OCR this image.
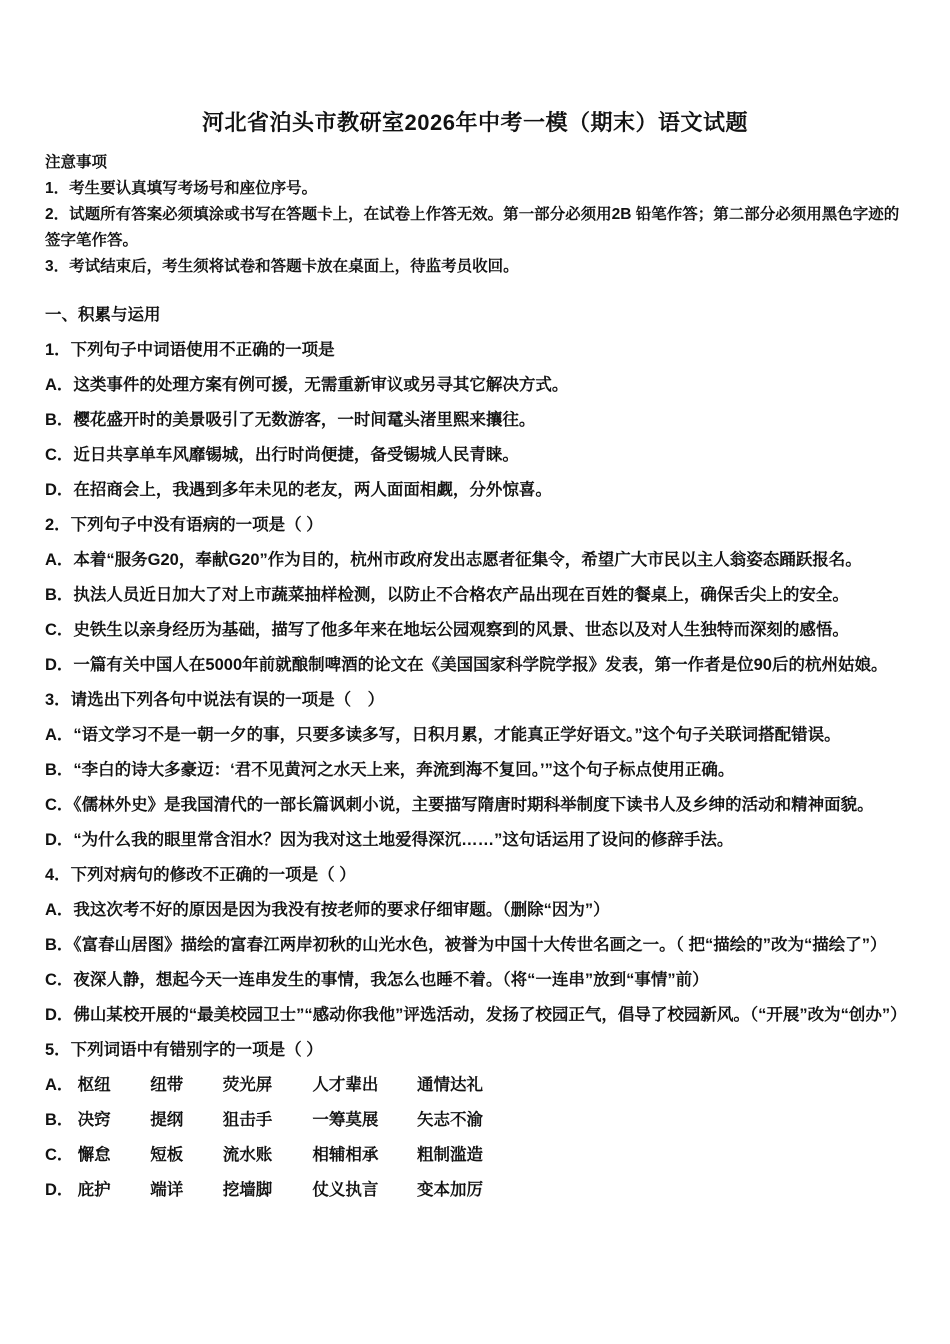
河北省泊头市教研室2026年中考一模（期末）语文试题

注意事项

1．考生要认真填写考场号和座位序号。

2．试题所有答案必须填涂或书写在答题卡上，在试卷上作答无效。第一部分必须用2B 铅笔作答；第二部分必须用黑色字迹的签字笔作答。

3．考试结束后，考生须将试卷和答题卡放在桌面上，待监考员收回。

一、积累与运用

1．下列句子中词语使用不正确的一项是

A．这类事件的处理方案有例可援，无需重新审议或另寻其它解决方式。

B．樱花盛开时的美景吸引了无数游客，一时间鼋头渚里熙来攘往。

C．近日共享单车风靡锡城，出行时尚便捷，备受锡城人民青睐。

D．在招商会上，我遇到多年未见的老友，两人面面相觑，分外惊喜。

2．下列句子中没有语病的一项是（ ）

A．本着“服务G20，奉献G20”作为目的，杭州市政府发出志愿者征集令，希望广大市民以主人翁姿态踊跃报名。

B．执法人员近日加大了对上市蔬菜抽样检测，以防止不合格农产品出现在百姓的餐桌上，确保舌尖上的安全。

C．史铁生以亲身经历为基础，描写了他多年来在地坛公园观察到的风景、世态以及对人生独特而深刻的感悟。

D．一篇有关中国人在5000年前就酿制啤酒的论文在《美国国家科学院学报》发表，第一作者是位90后的杭州姑娘。

3．请选出下列各句中说法有误的一项是（　）

A．“语文学习不是一朝一夕的事，只要多读多写，日积月累，才能真正学好语文。”这个句子关联词搭配错误。

B．“李白的诗大多豪迈：‘君不见黄河之水天上来，奔流到海不复回。’”这个句子标点使用正确。

C．《儒林外史》是我国清代的一部长篇讽刺小说，主要描写隋唐时期科举制度下读书人及乡绅的活动和精神面貌。

D．“为什么我的眼里常含泪水？因为我对这土地爱得深沉……”这句话运用了设问的修辞手法。

4．下列对病句的修改不正确的一项是（ ）

A．我这次考不好的原因是因为我没有按老师的要求仔细审题。（删除“因为”）

B．《富春山居图》描绘的富春江两岸初秋的山光水色，被誉为中国十大传世名画之一。（ 把“描绘的”改为“描绘了”）

C．夜深人静，想起今天一连串发生的事情，我怎么也睡不着。（将“一连串”放到“事情”前）

D．佛山某校开展的“最美校园卫士”“感动你我他”评选活动，发扬了校园正气，倡导了校园新风。（“开展”改为“创办”）

5．下列词语中有错别字的一项是（ ）

A． 枢纽 纽带 荧光屏 人才辈出 通情达礼

B． 决窍 提纲 狙击手 一筹莫展 矢志不渝

C． 懈怠 短板 流水账 相辅相承 粗制滥造

D． 庇护 端详 挖墙脚 仗义执言 变本加厉
